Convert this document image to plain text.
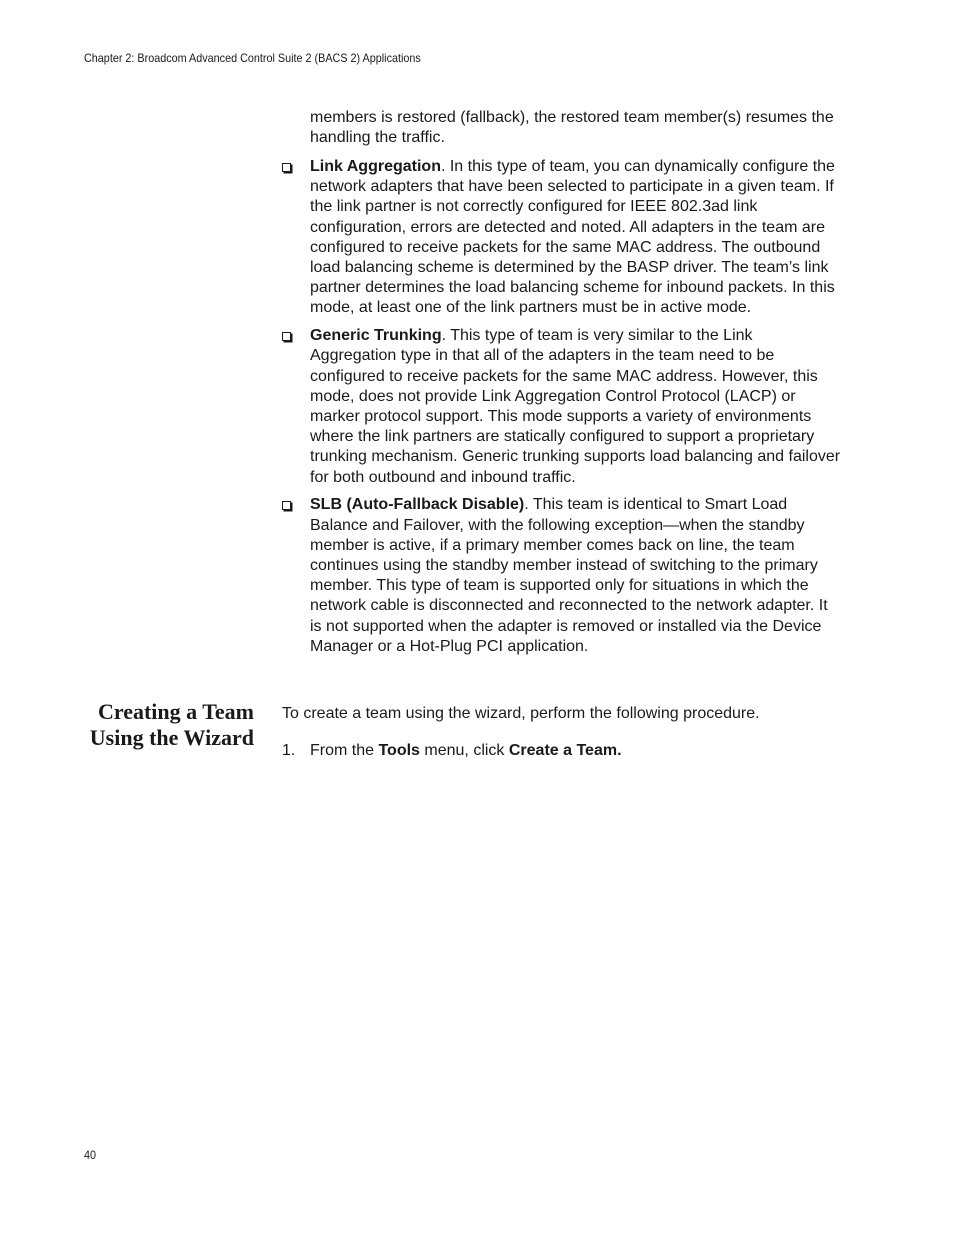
Chapter 2: Broadcom Advanced Control Suite 2 (BACS 2) Applications

members is restored (fallback), the restored team member(s) resumes the handling the traffic.

Link Aggregation. In this type of team, you can dynamically configure the network adapters that have been selected to participate in a given team. If the link partner is not correctly configured for IEEE 802.3ad link configuration, errors are detected and noted. All adapters in the team are configured to receive packets for the same MAC address. The outbound load balancing scheme is determined by the BASP driver. The team’s link partner determines the load balancing scheme for inbound packets. In this mode, at least one of the link partners must be in active mode.
Generic Trunking. This type of team is very similar to the Link Aggregation type in that all of the adapters in the team need to be configured to receive packets for the same MAC address. However, this mode, does not provide Link Aggregation Control Protocol (LACP) or marker protocol support. This mode supports a variety of environments where the link partners are statically configured to support a proprietary trunking mechanism. Generic trunking supports load balancing and failover for both outbound and inbound traffic.
SLB (Auto-Fallback Disable). This team is identical to Smart Load Balance and Failover, with the following exception—when the standby member is active, if a primary member comes back on line, the team continues using the standby member instead of switching to the primary member. This type of team is supported only for situations in which the network cable is disconnected and reconnected to the network adapter. It is not supported when the adapter is removed or installed via the Device Manager or a Hot-Plug PCI application.
Creating a Team
Using the Wizard

To create a team using the wizard, perform the following procedure.

1. From the Tools menu, click Create a Team.
40
